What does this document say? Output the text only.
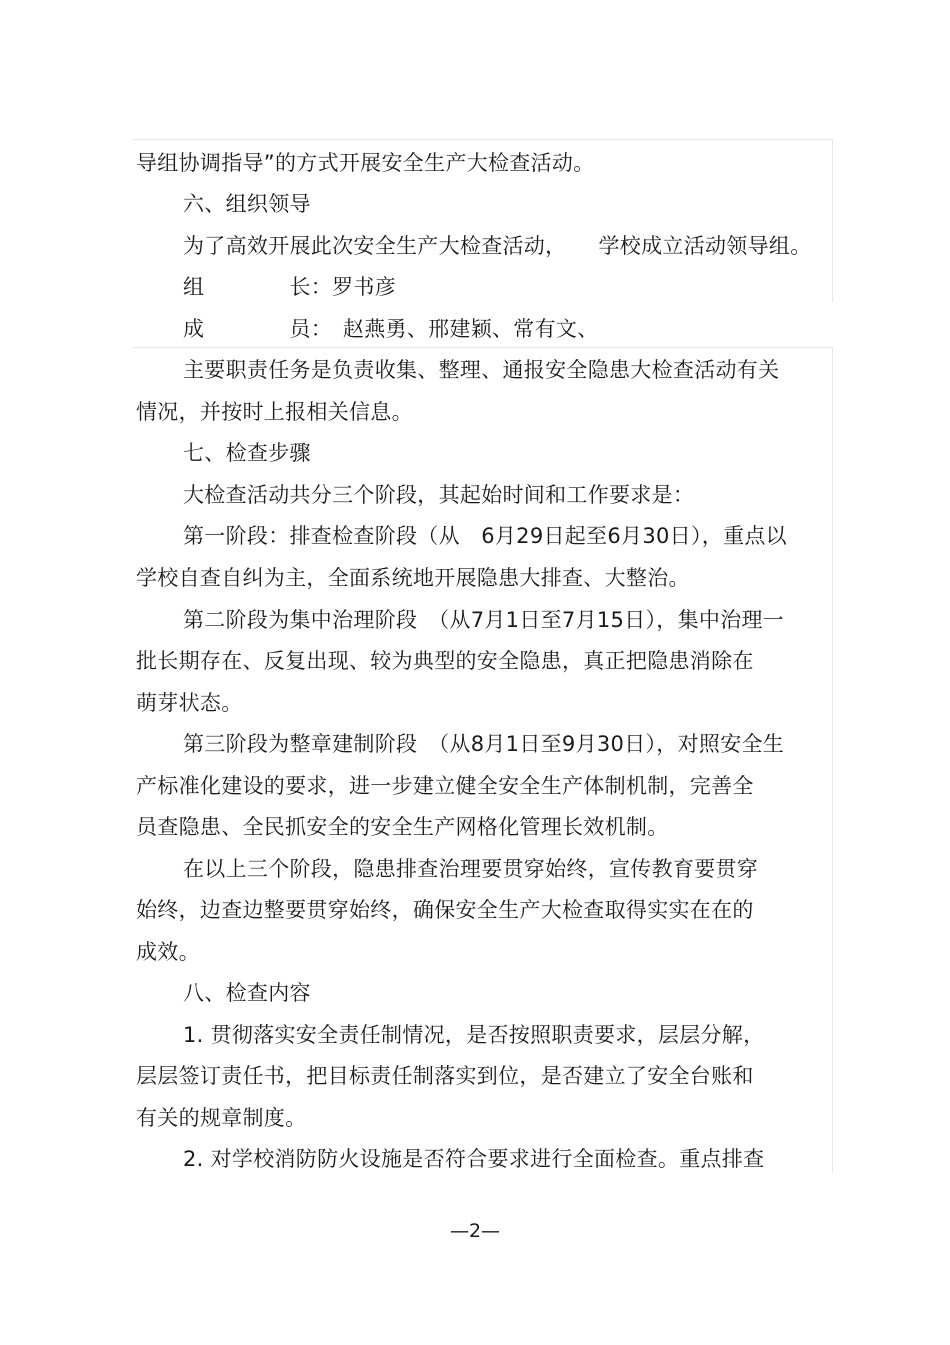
导组协调指导”的方式开展安全生产大检查活动。
六、组织领导
为了高效开展此次安全生产大检查活动，　　学校成立活动领导组。
组　　　　长：罗书彦
成　　　　员：　赵燕勇、邢建颖、常有文、
主要职责任务是负责收集、整理、通报安全隐患大检查活动有关
情况，并按时上报相关信息。
七、检查步骤
大检查活动共分三个阶段，其起始时间和工作要求是：
第一阶段：排查检查阶段（从　6月29日起至6月30日），重点以
学校自查自纠为主，全面系统地开展隐患大排查、大整治。
第二阶段为集中治理阶段　（从7月1日至7月15日），集中治理一
批长期存在、反复出现、较为典型的安全隐患，真正把隐患消除在
萌芽状态。
第三阶段为整章建制阶段　（从8月1日至9月30日），对照安全生
产标准化建设的要求，进一步建立健全安全生产体制机制，完善全
员查隐患、全民抓安全的安全生产网格化管理长效机制。
在以上三个阶段，隐患排查治理要贯穿始终，宣传教育要贯穿
始终，边查边整要贯穿始终，确保安全生产大检查取得实实在在的
成效。
八、检查内容
1. 贯彻落实安全责任制情况，是否按照职责要求，层层分解，
层层签订责任书，把目标责任制落实到位，是否建立了安全台账和
有关的规章制度。
2. 对学校消防防火设施是否符合要求进行全面检查。重点排查
—2—
